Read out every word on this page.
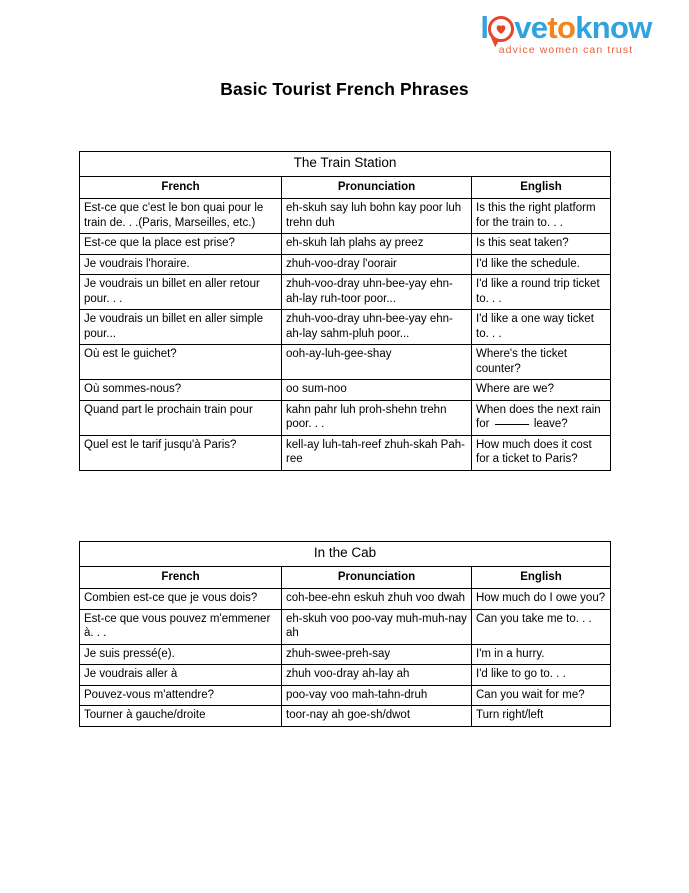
l vetoknow
advice women can trust
Basic Tourist French Phrases
The Train Station		
French	Pronunciation	English
Est-ce que c'est le bon quai pour le train de. . .(Paris, Marseilles, etc.)	eh-skuh say luh bohn kay poor luh trehn duh	Is this the right platform for the train to. . .
Est-ce que la place est prise?	eh-skuh lah plahs ay preez	Is this seat taken?
Je voudrais l'horaire.	zhuh-voo-dray l'oorair	I'd like the schedule.
Je voudrais un billet en aller retour pour. . .	zhuh-voo-dray uhn-bee-yay ehn-ah-lay ruh-toor poor...	I'd like a round trip ticket to. . .
Je voudrais un billet en aller simple pour...	zhuh-voo-dray uhn-bee-yay ehn-ah-lay sahm-pluh poor...	I'd like a one way ticket to. . .
Où est le guichet?	ooh-ay-luh-gee-shay	Where's the ticket counter?
Où sommes-nous?	oo sum-noo	Where are we?
Quand part le prochain train pour	kahn pahr luh proh-shehn trehn poor. . .	When does the next rain for leave?
Quel est le tarif jusqu'à Paris?	kell-ay luh-tah-reef zhuh-skah Pah-ree	How much does it cost for a ticket to Paris?
In the Cab		
French	Pronunciation	English
Combien est-ce que je vous dois?	coh-bee-ehn eskuh zhuh voo dwah	How much do I owe you?
Est-ce que vous pouvez m'emmener à. . .	eh-skuh voo poo-vay muh-muh-nay ah	Can you take me to. . .
Je suis pressé(e).	zhuh-swee-preh-say	I'm in a hurry.
Je voudrais aller à	zhuh voo-dray ah-lay ah	I'd like to go to. . .
Pouvez-vous m'attendre?	poo-vay voo mah-tahn-druh	Can you wait for me?
Tourner à gauche/droite	toor-nay ah goe-sh/dwot	Turn right/left
